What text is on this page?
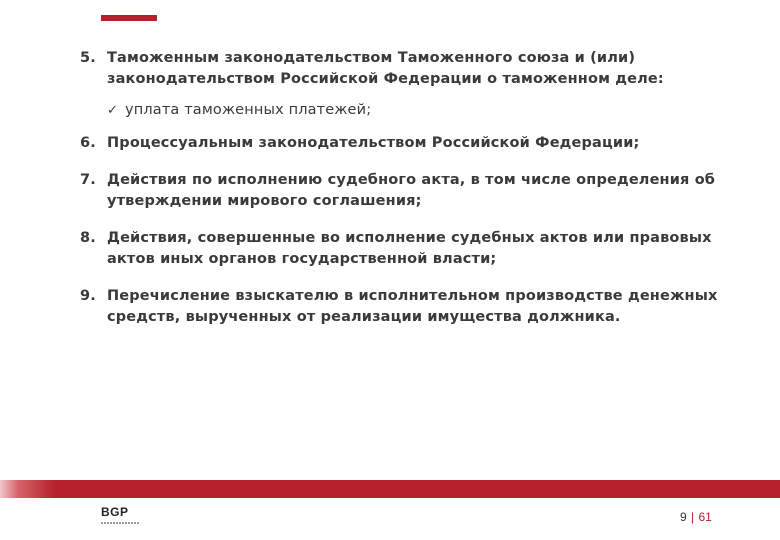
5. Таможенным законодательством Таможенного союза и (или) законодательством Российской Федерации о таможенном деле:
✓ уплата таможенных платежей;
6. Процессуальным законодательством Российской Федерации;
7. Действия по исполнению судебного акта, в том числе определения об утверждении мирового соглашения;
8. Действия, совершенные во исполнение судебных актов или правовых актов иных органов государственной власти;
9. Перечисление взыскателю в исполнительном производстве денежных средств, вырученных от реализации имущества должника.
BGP	9 | 61
